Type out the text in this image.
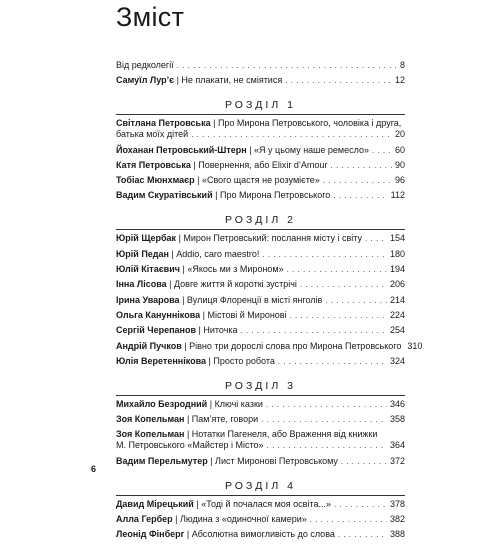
Зміст
Від редколегії . . .	8
Самуїл Лур’є | Не плакати, не сміятися . . .	12
РОЗДІЛ 1
Світлана Петровська | Про Мирона Петровського, чоловіка і друга,
батька моїх дітей . . .	20
Йоханан Петровський-Штерн | «Я у цьому наше ремесло» . . .	60
Катя Петровська | Повернення, або Elixir d’Amour . . .	90
Тобіас Мюнхмаєр | «Свого щастя не розумієте» . . .	96
Вадим Скуратівський | Про Мирона Петровського . . .	112
РОЗДІЛ 2
Юрій Щербак | Мирон Петровський: послання місту і світу . . .	154
Юрій Педан | Addio, caro maestro! . . .	180
Юлій Кітаєвич | «Якось ми з Мироном» . . .	194
Інна Лісова | Довге життя й короткі зустрічі . . .	206
Ірина Уварова | Вулиця Флоренції в місті янголів . . .	214
Ольга Кануннікова | Містові й Миронові . . .	224
Сергій Черепанов | Ниточка . . .	254
Андрій Пучков | Рівно три дорослі слова про Мирона Петровського 310
Юлія Веретеннікова | Просто робота . . .	324
РОЗДІЛ 3
Михайло Безродний | Ключі казки . . .	346
Зоя Копельман | Пам’яте, говори . . .	358
Зоя Копельман | Нотатки Пагенеля, або Враження від книжки
М. Петровського «Майстер і Місто» . . .	364
Вадим Перельмутер | Лист Миронові Петровському . . .	372
РОЗДІЛ 4
Давид Мірецький | «Тоді й почалася моя освіта...» . . .	378
Алла Гербер | Людина з «одиночної камери» . . .	382
Леонід Фінберг | Абсолютна вимогливість до слова . . .	388
6
